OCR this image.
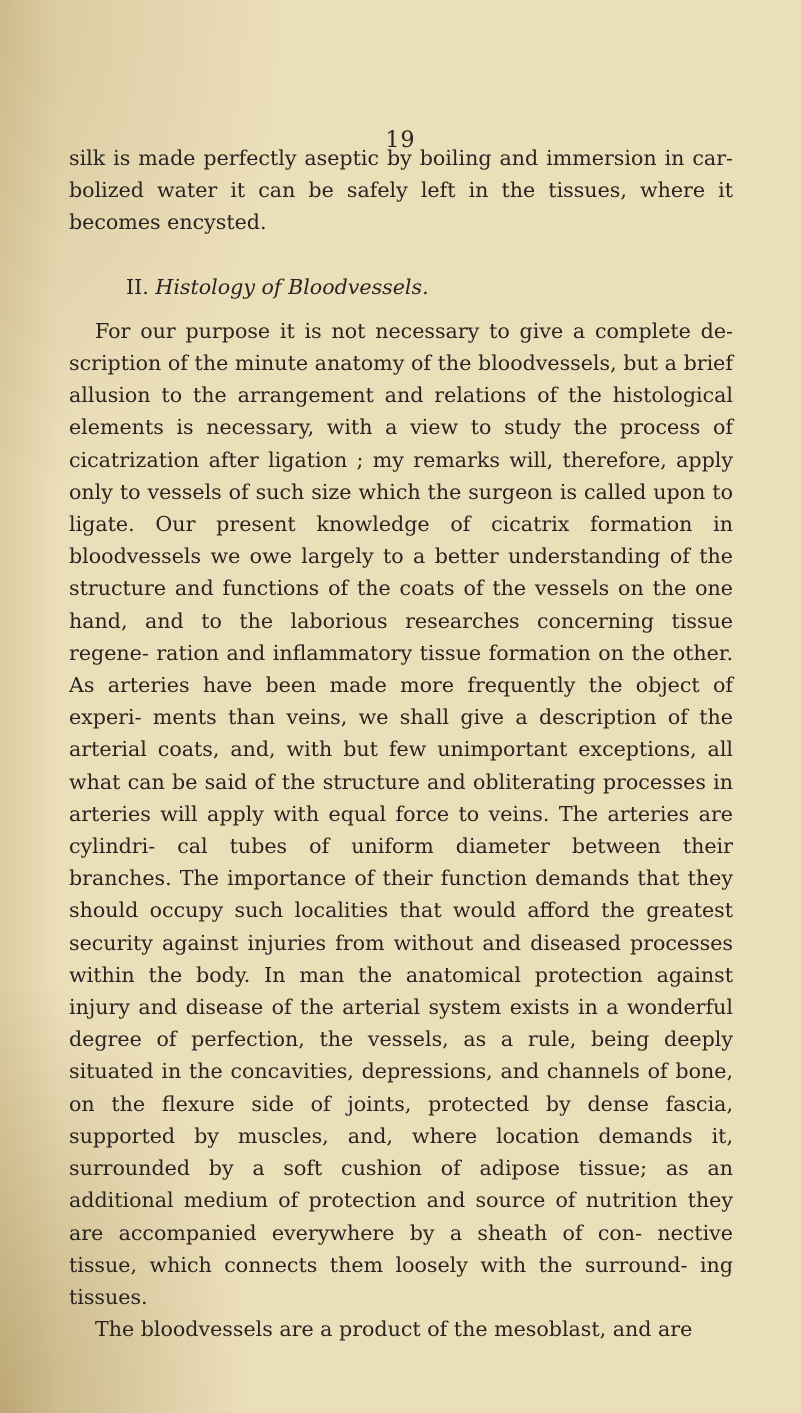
19

silk is made perfectly aseptic by boiling and immersion in car- bolized water it can be safely left in the tissues, where it becomes encysted.

II. Histology of Bloodvessels.

For our purpose it is not necessary to give a complete de- scription of the minute anatomy of the bloodvessels, but a brief allusion to the arrangement and relations of the histological elements is necessary, with a view to study the process of cicatrization after ligation ; my remarks will, therefore, apply only to vessels of such size which the surgeon is called upon to ligate. Our present knowledge of cicatrix formation in bloodvessels we owe largely to a better understanding of the structure and functions of the coats of the vessels on the one hand, and to the laborious researches concerning tissue regene- ration and inflammatory tissue formation on the other. As arteries have been made more frequently the object of experi- ments than veins, we shall give a description of the arterial coats, and, with but few unimportant exceptions, all what can be said of the structure and obliterating processes in arteries will apply with equal force to veins. The arteries are cylindri- cal tubes of uniform diameter between their branches. The importance of their function demands that they should occupy such localities that would afford the greatest security against injuries from without and diseased processes within the body. In man the anatomical protection against injury and disease of the arterial system exists in a wonderful degree of perfection, the vessels, as a rule, being deeply situated in the concavities, depressions, and channels of bone, on the flexure side of joints, protected by dense fascia, supported by muscles, and, where location demands it, surrounded by a soft cushion of adipose tissue; as an additional medium of protection and source of nutrition they are accompanied everywhere by a sheath of con- nective tissue, which connects them loosely with the surround- ing tissues.

The bloodvessels are a product of the mesoblast, and are
